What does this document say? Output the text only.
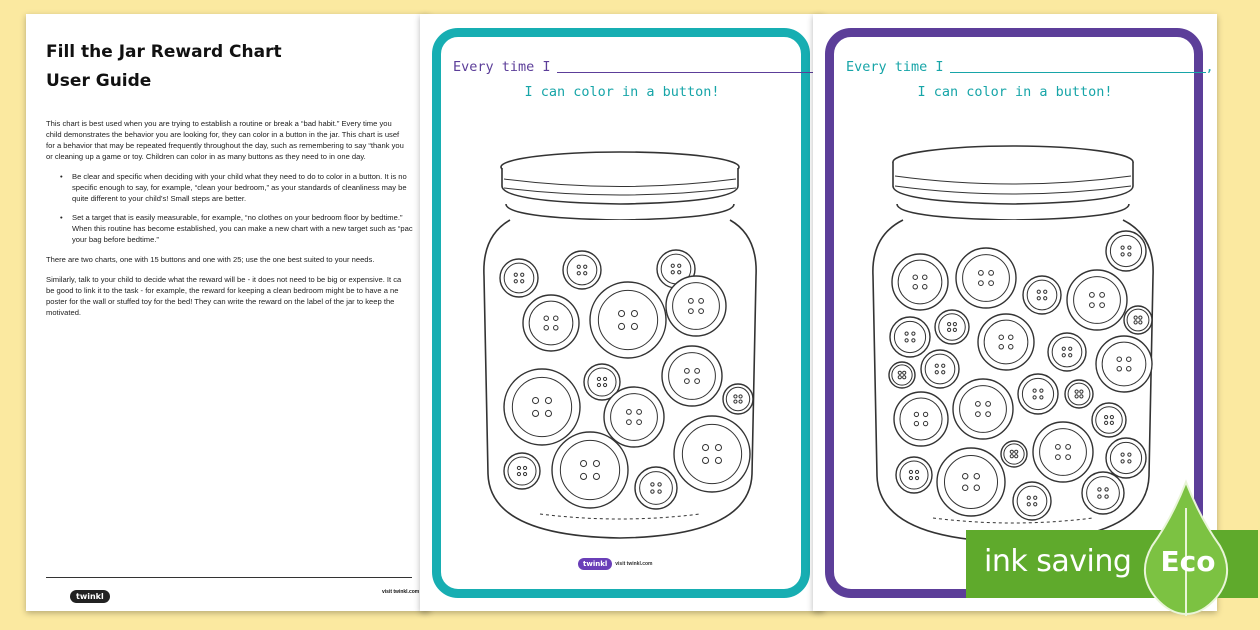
Fill the Jar Reward Chart
User Guide

This chart is best used when you are trying to establish a routine or break a “bad habit.” Every time you
child demonstrates the behavior you are looking for, they can color in a button in the jar. This chart is usef
for a behavior that may be repeated frequently throughout the day, such as remembering to say “thank you
or cleaning up a game or toy. Children can color in as many buttons as they need to in one day.

• Be clear and specific when deciding with your child what they need to do to color in a button. It is no
specific enough to say, for example, “clean your bedroom,” as your standards of cleanliness may be
quite different to your child’s! Small steps are better.
• Set a target that is easily measurable, for example, “no clothes on your bedroom floor by bedtime.”
When this routine has become established, you can make a new chart with a new target such as “pac
your bag before bedtime.”

There are two charts, one with 15 buttons and one with 25; use the one best suited to your needs.

Similarly, talk to your child to decide what the reward will be - it does not need to be big or expensive. It ca
be good to link it to the task - for example, the reward for keeping a clean bedroom might be to have a ne
poster for the wall or stuffed toy for the bed! They can write the reward on the label of the jar to keep the
motivated.

twinkl	visit twinkl.com
Every time I
I can color in a button!
twinkl	visit twinkl.com
Every time I	,
I can color in a button!
ink saving Eco
